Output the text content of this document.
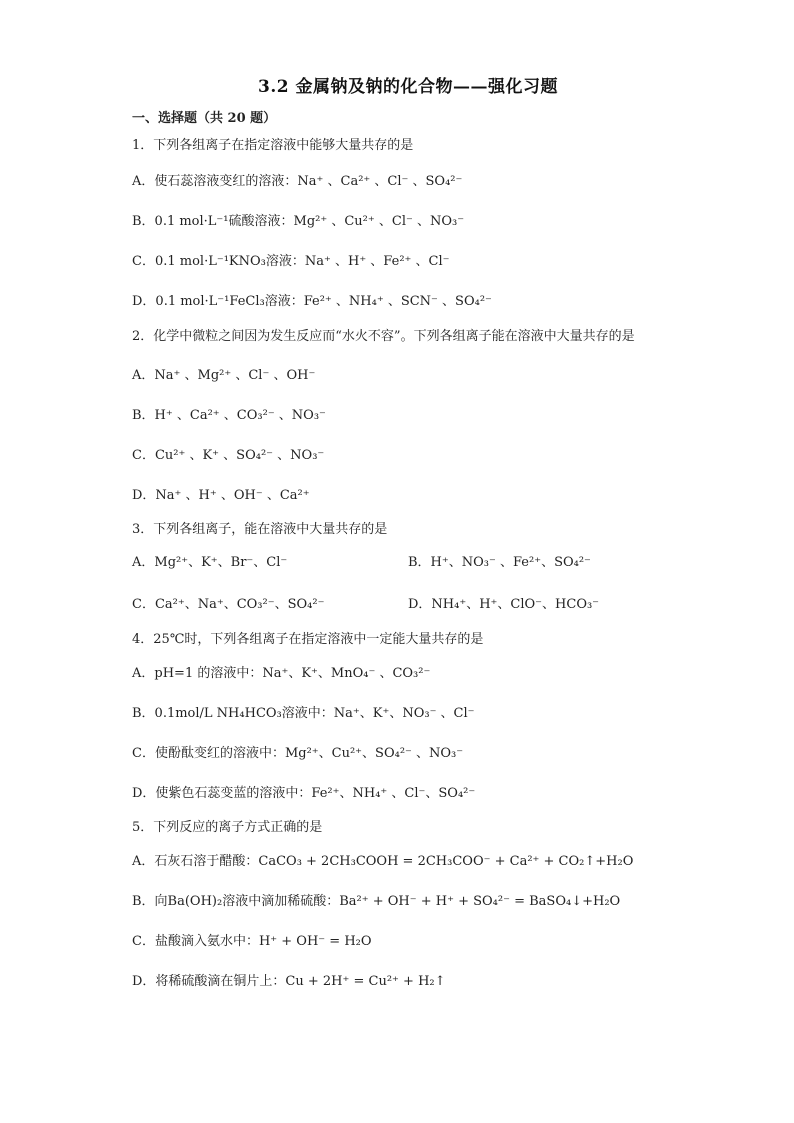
3.2 金属钠及钠的化合物——强化习题
一、选择题（共 20 题）
1．下列各组离子在指定溶液中能够大量共存的是
A．使石蕊溶液变红的溶液：Na⁺ 、Ca²⁺ 、Cl⁻ 、SO₄²⁻
B．0.1 mol·L⁻¹硫酸溶液：Mg²⁺ 、Cu²⁺ 、Cl⁻ 、NO₃⁻
C．0.1 mol·L⁻¹KNO₃溶液：Na⁺ 、H⁺ 、Fe²⁺ 、Cl⁻
D．0.1 mol·L⁻¹FeCl₃溶液：Fe²⁺ 、NH₄⁺ 、SCN⁻ 、SO₄²⁻
2．化学中微粒之间因为发生反应而“水火不容”。下列各组离子能在溶液中大量共存的是
A．Na⁺ 、Mg²⁺ 、Cl⁻ 、OH⁻
B．H⁺ 、Ca²⁺ 、CO₃²⁻ 、NO₃⁻
C．Cu²⁺ 、K⁺ 、SO₄²⁻ 、NO₃⁻
D．Na⁺ 、H⁺ 、OH⁻ 、Ca²⁺
3．下列各组离子，能在溶液中大量共存的是
A．Mg²⁺、K⁺、Br⁻、Cl⁻	B．H⁺、NO₃⁻ 、Fe²⁺、SO₄²⁻
C．Ca²⁺、Na⁺、CO₃²⁻、SO₄²⁻	D．NH₄⁺、H⁺、ClO⁻、HCO₃⁻
4．25℃时，下列各组离子在指定溶液中一定能大量共存的是
A．pH=1 的溶液中：Na⁺、K⁺、MnO₄⁻ 、CO₃²⁻
B．0.1mol/L NH₄HCO₃溶液中：Na⁺、K⁺、NO₃⁻ 、Cl⁻
C．使酚酞变红的溶液中：Mg²⁺、Cu²⁺、SO₄²⁻ 、NO₃⁻
D．使紫色石蕊变蓝的溶液中：Fe²⁺、NH₄⁺ 、Cl⁻、SO₄²⁻
5．下列反应的离子方式正确的是
A．石灰石溶于醋酸：CaCO₃ + 2CH₃COOH = 2CH₃COO⁻ + Ca²⁺ + CO₂↑+H₂O
B．向Ba(OH)₂溶液中滴加稀硫酸：Ba²⁺ + OH⁻ + H⁺ + SO₄²⁻ = BaSO₄↓+H₂O
C．盐酸滴入氨水中：H⁺ + OH⁻ = H₂O
D．将稀硫酸滴在铜片上：Cu + 2H⁺ = Cu²⁺ + H₂↑
